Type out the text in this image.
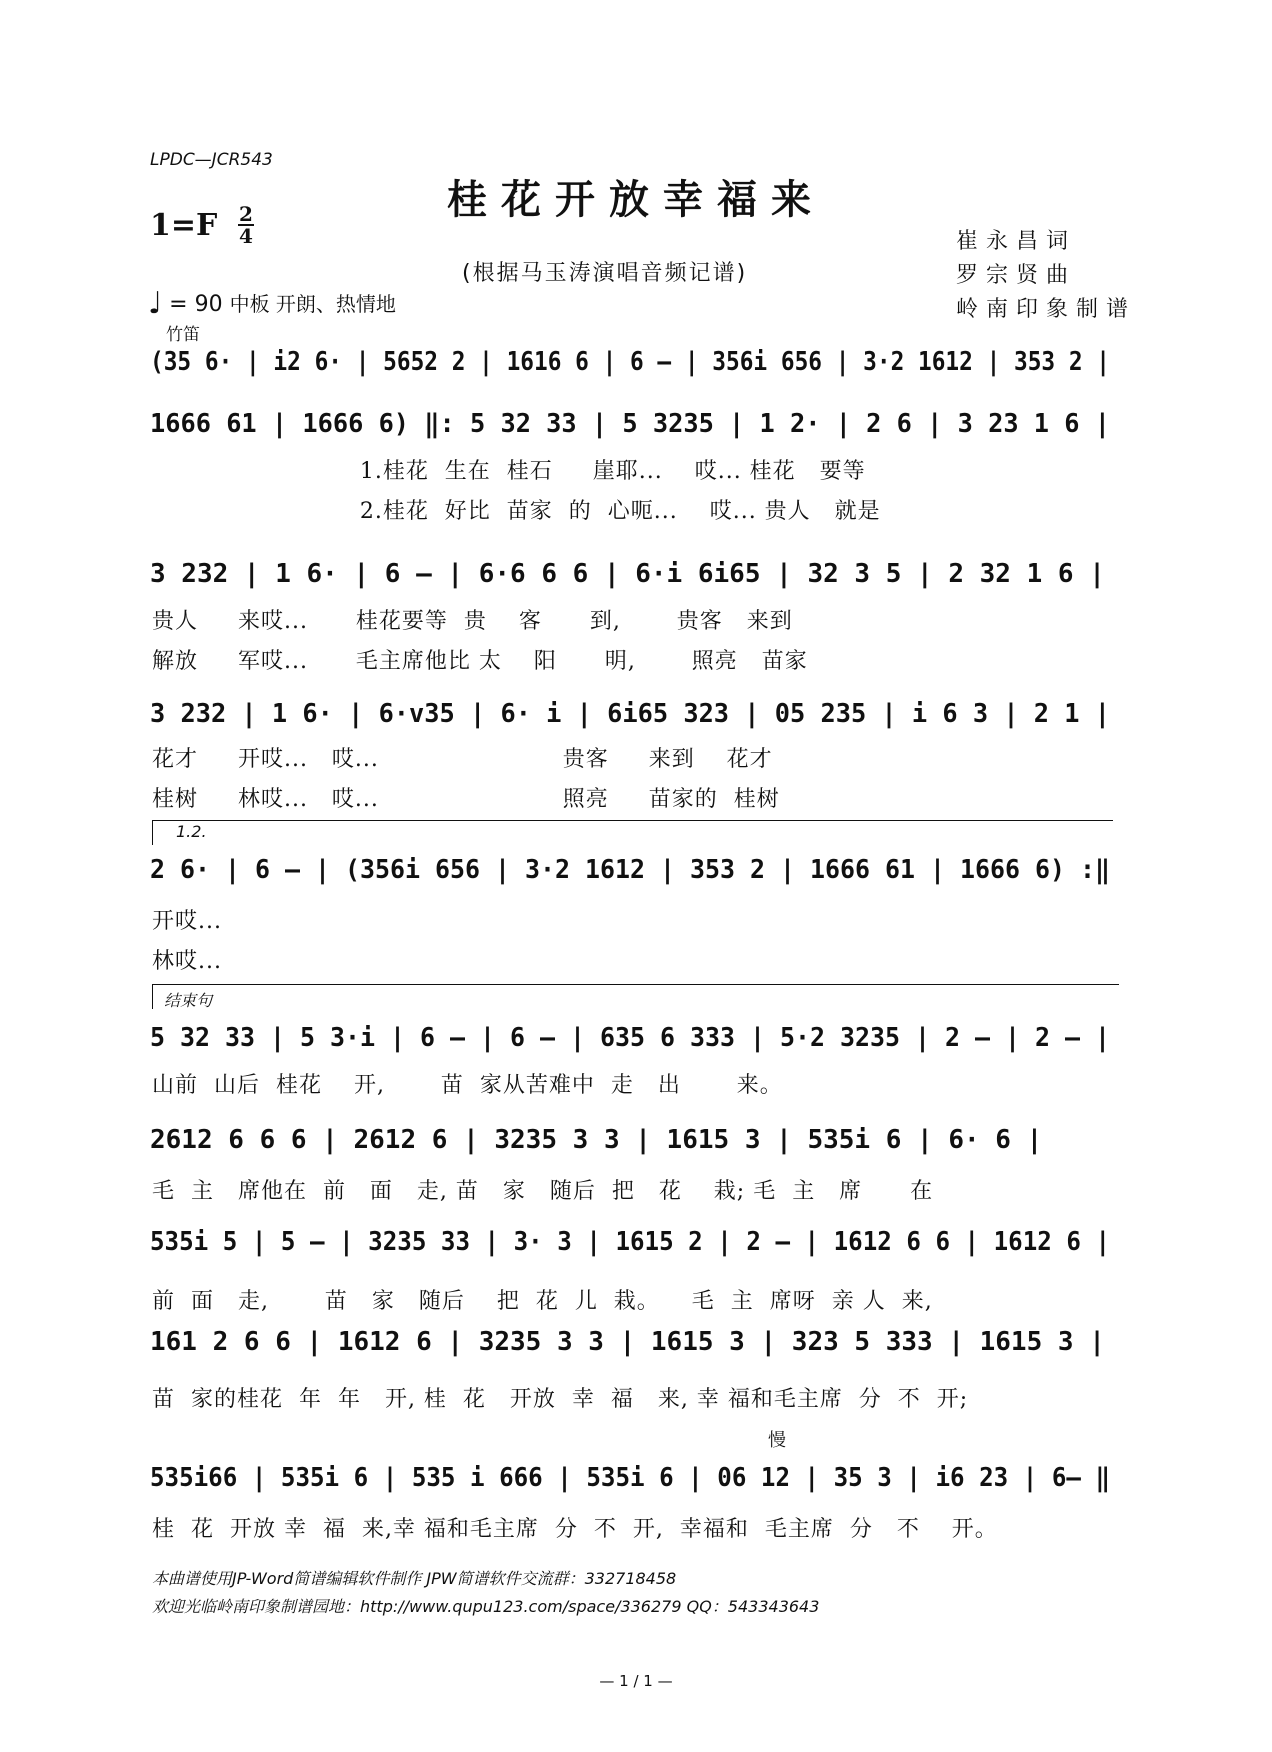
LPDC—JCR543
桂花开放幸福来
$1=F \frac{2}{4}$
(根据马玉涛演唱音频记谱)
崔永昌词
罗宗贤曲
岭南印象制谱
♩ = 90 中板 开朗、热情地
竹笛
(35 6· | i2 6· | 5652 2 | 1616 6 | 6 – | 356i 656 | 3·2 1612 | 353 2 |
1666 61 | 1666 6) ‖: 5 32 33 | 5 3235 | 1 2· | 2 6 | 3 23 1 6 |
1.桂花  生在  桂石     崖耶...    哎... 桂花   要等
2.桂花  好比  苗家  的  心呃...    哎... 贵人   就是
3 232 | 1 6· | 6 – | 6·6 6 6 | 6·i 6i65 | 32 3 5 | 2 32 1 6 |
贵人     来哎...      桂花要等  贵    客      到,       贵客   来到
解放     军哎...      毛主席他比 太    阳      明,       照亮   苗家
3 232 | 1 6· | 6·v35 | 6· i | 6i65 323 | 05 235 | i 6 3 | 2 1 |
花才     开哎...   哎...                       贵客     来到    花才
桂树     林哎...   哎...                       照亮     苗家的  桂树
1.2.
2 6· | 6 – | (356i 656 | 3·2 1612 | 353 2 | 1666 61 | 1666 6) :‖
开哎...
林哎...
结束句
5 32 33 | 5 3·i | 6 – | 6 – | 635 6 333 | 5·2 3235 | 2 – | 2 – |
山前  山后  桂花    开,       苗  家从苦难中  走   出       来。
2612 6 6 6 | 2612 6 | 3235 3 3 | 1615 3 | 535i 6 | 6· 6 |
毛  主   席他在  前   面   走, 苗   家   随后  把   花    栽; 毛  主   席      在
535i 5 | 5 – | 3235 33 | 3· 3 | 1615 2 | 2 – | 1612 6 6 | 1612 6 |
前  面   走,       苗   家   随后    把  花  儿  栽。    毛  主  席呀  亲 人  来,
161 2 6 6 | 1612 6 | 3235 3 3 | 1615 3 | 323 5 333 | 1615 3 |
苗  家的桂花  年  年   开, 桂  花   开放  幸  福   来, 幸 福和毛主席  分  不  开;
535i66 | 535i 6 | 535 i 666 | 535i 6 | 06 12 | 35 3 | i6 23 | 6– ‖
慢
桂  花  开放 幸  福  来,幸 福和毛主席  分  不  开,  幸福和  毛主席  分   不    开。
本曲谱使用JP-Word简谱编辑软件制作 JPW简谱软件交流群：332718458
欢迎光临岭南印象制谱园地：http://www.qupu123.com/space/336279 QQ：543343643
— 1 / 1 —
